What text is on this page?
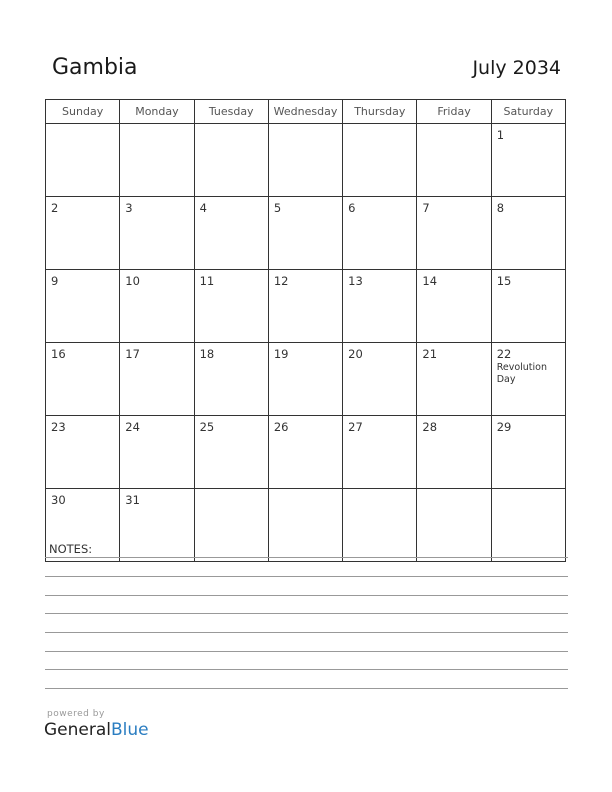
Gambia	July 2034
Sunday	Monday	Tuesday	Wednesday	Thursday	Friday	Saturday

						1

2	3	4	5	6	7	8

9	10	11	12	13	14	15

16	17	18	19	20	21	22
Revolution Day

23	24	25	26	27	28	29

30	31					

NOTES:
powered by
GeneralBlue
